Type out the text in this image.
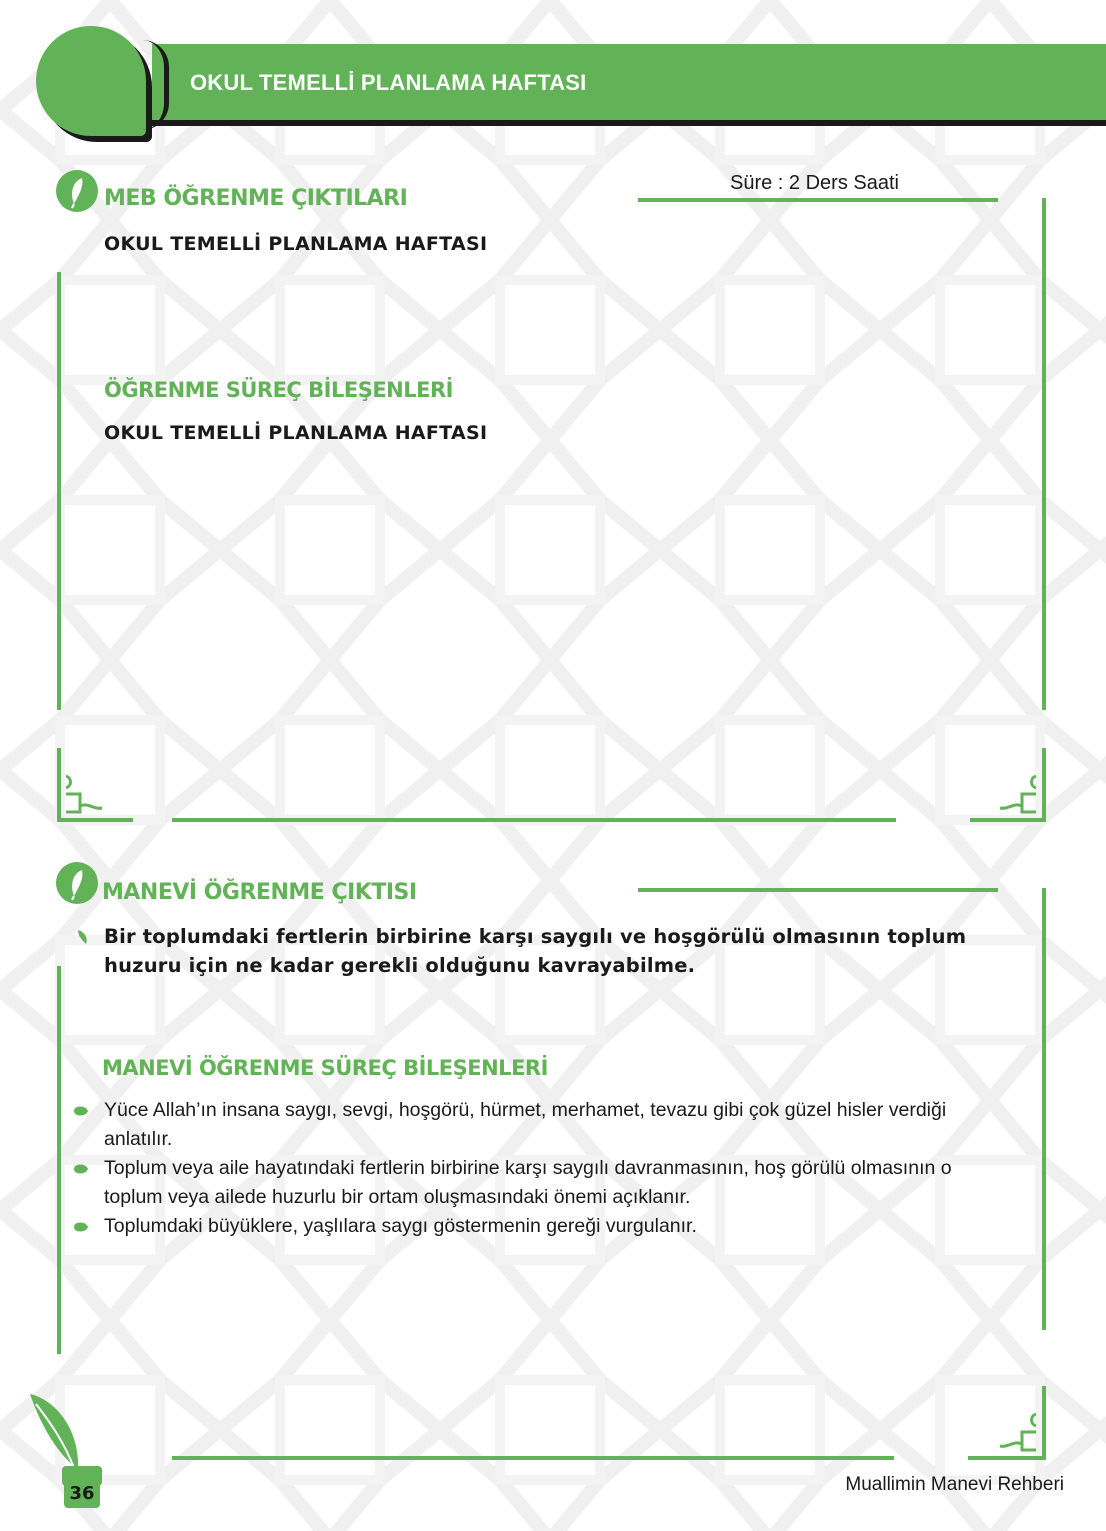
OKUL TEMELLİ PLANLAMA HAFTASI
MEB ÖĞRENME ÇIKTILARI
Süre : 2 Ders Saati
OKUL TEMELLİ PLANLAMA HAFTASI
ÖĞRENME SÜREÇ BİLEŞENLERİ
OKUL TEMELLİ PLANLAMA HAFTASI
MANEVİ ÖĞRENME ÇIKTISI
Bir toplumdaki fertlerin birbirine karşı saygılı ve hoşgörülü olmasının toplum huzuru için ne kadar gerekli olduğunu kavrayabilme.
MANEVİ ÖĞRENME SÜREÇ BİLEŞENLERİ
Yüce Allah’ın insana saygı, sevgi, hoşgörü, hürmet, merhamet, tevazu gibi çok güzel hisler verdiği anlatılır.
Toplum veya aile hayatındaki fertlerin birbirine karşı saygılı davranmasının, hoş görülü olmasının o toplum veya ailede huzurlu bir ortam oluşmasındaki önemi açıklanır.
Toplumdaki büyüklere, yaşlılara saygı göstermenin gereği vurgulanır.
36	Muallimin Manevi Rehberi
